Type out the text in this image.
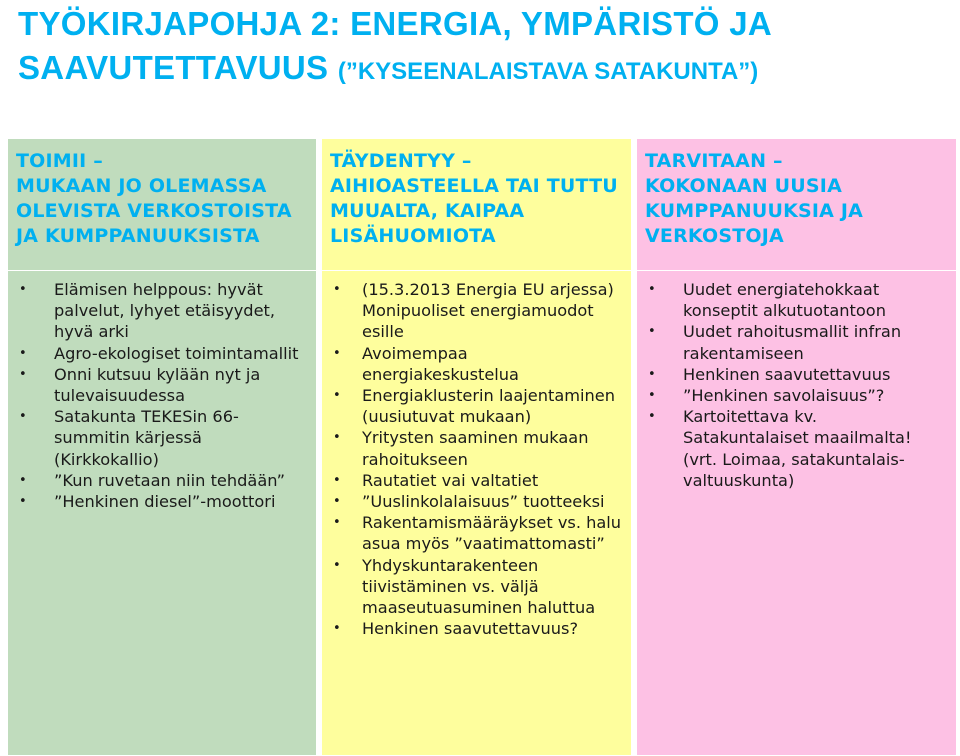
TYÖKIRJAPOHJA 2: ENERGIA, YMPÄRISTÖ JA SAAVUTETTAVUUS (”KYSEENALAISTAVA SATAKUNTA”)
TOIMII –
MUKAAN JO OLEMASSA OLEVISTA VERKOSTOISTA JA KUMPPANUUKSISTA
• Elämisen helppous: hyvät palvelut, lyhyet etäisyydet, hyvä arki
• Agro-ekologiset toimintamallit
• Onni kutsuu kylään nyt ja tulevaisuudessa
• Satakunta TEKESin 66-summitin kärjessä (Kirkkokallio)
• ”Kun ruvetaan niin tehdään”
• ”Henkinen diesel”-moottori
TÄYDENTYY –
AIHIOASTEELLA TAI TUTTU MUUALTA, KAIPAA LISÄHUOMIOTA
• (15.3.2013 Energia EU arjessa) Monipuoliset energiamuodot esille
• Avoimempaa energiakeskustelua
• Energiaklusterin laajentaminen (uusiutuvat mukaan)
• Yritysten saaminen mukaan rahoitukseen
• Rautatiet vai valtatiet
• ”Uuslinkolalaisuus” tuotteeksi
• Rakentamismääräykset vs. halu asua myös ”vaatimattomasti”
• Yhdyskuntarakenteen tiivistäminen vs. väljä maaseutuasuminen haluttua
• Henkinen saavutettavuus?
TARVITAAN –
KOKONAAN UUSIA KUMPPANUUKSIA JA VERKOSTOJA
• Uudet energiatehokkaat konseptit alkutuotantoon
• Uudet rahoitusmallit infran rakentamiseen
• Henkinen saavutettavuus
• ”Henkinen savolaisuus”?
• Kartoitettava kv.
Satakuntalaiset maailmalta! (vrt. Loimaa, satakuntalais-valtuuskunta)
